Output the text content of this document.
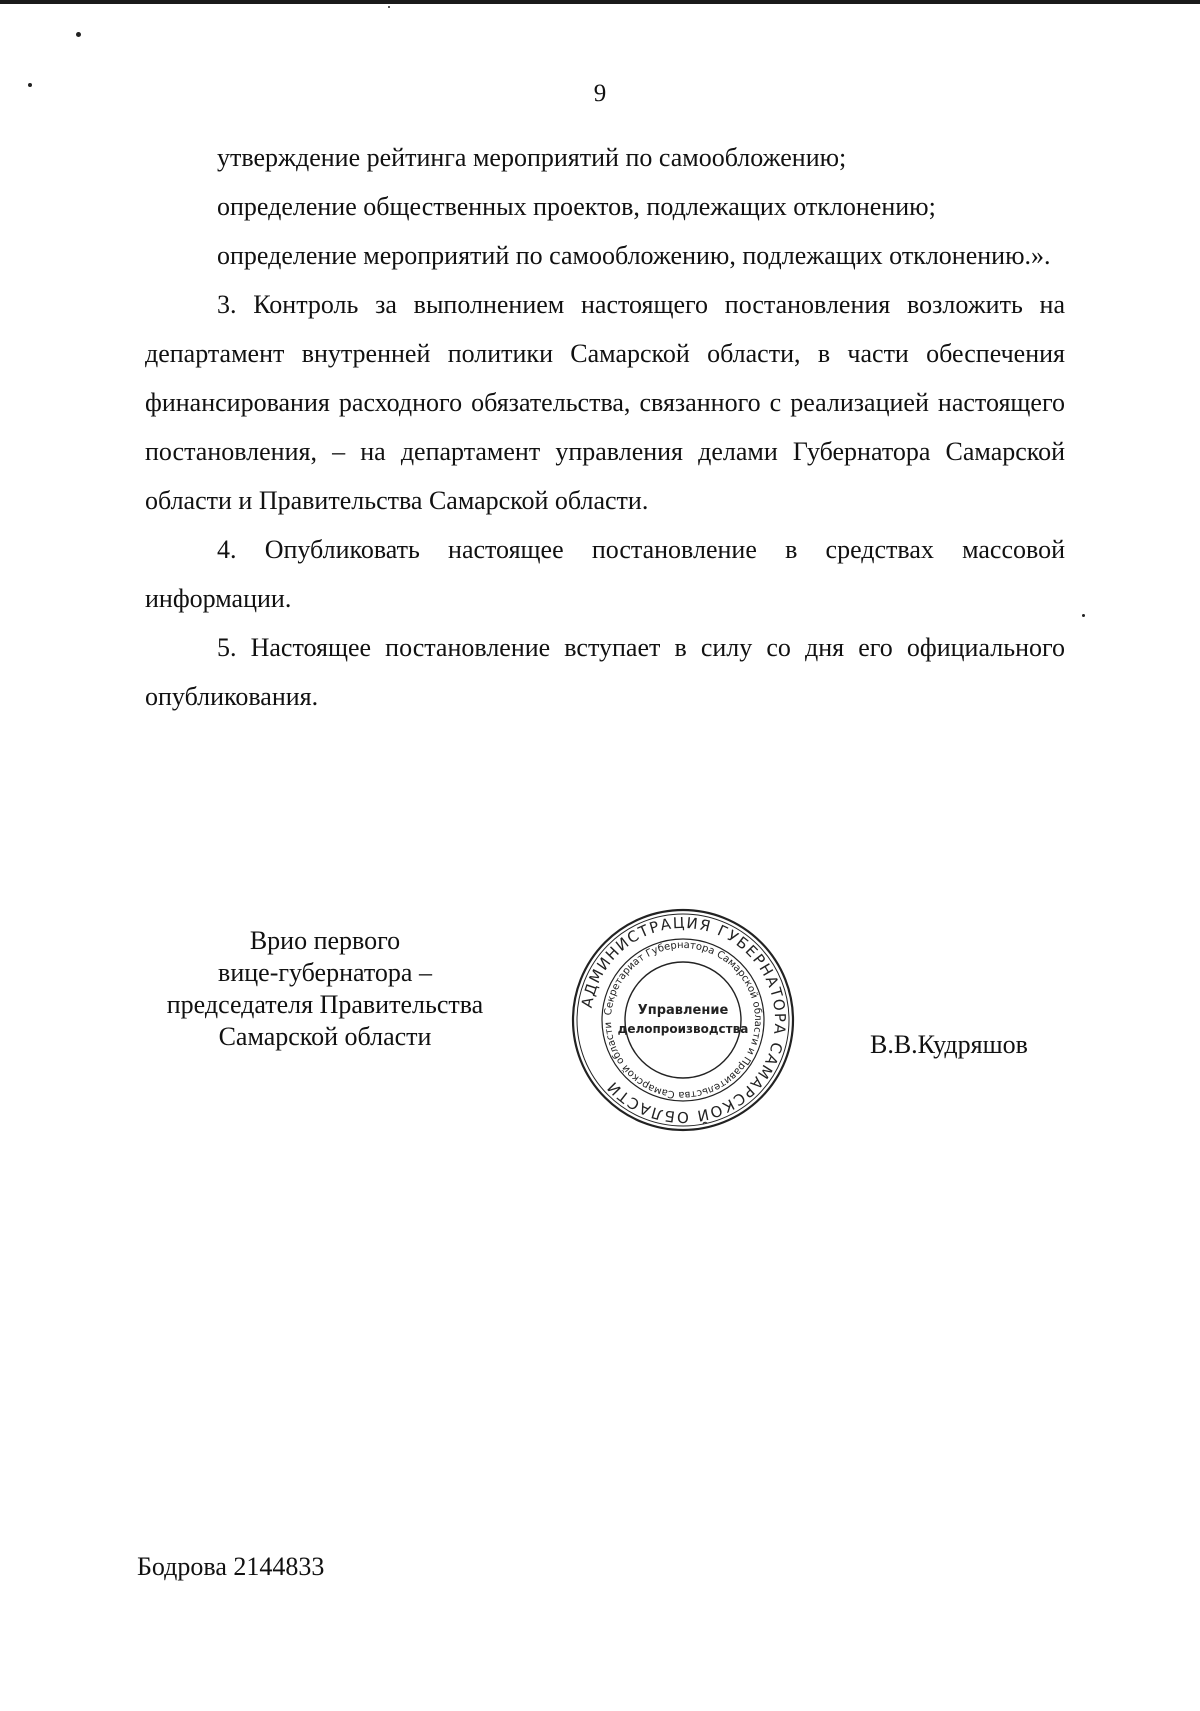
9

утверждение рейтинга мероприятий по самообложению;

определение общественных проектов, подлежащих отклонению;

определение мероприятий по самообложению, подлежащих отклонению.».

3. Контроль за выполнением настоящего постановления возложить на департамент внутренней политики Самарской области, в части обеспечения финансирования расходного обязательства, связанного с реализацией настоящего постановления, – на департамент управления делами Губернатора Самарской области и Правительства Самарской области.

4. Опубликовать настоящее постановление в средствах массовой информации.

5. Настоящее постановление вступает в силу со дня его официального опубликования.

Врио первого
вице-губернатора –
председателя Правительства
Самарской области
АДМИНИСТРАЦИЯ ГУБЕРНАТОРА САМАРСКОЙ ОБЛАСТИ
Секретариат Губернатора Самарской области и Правительства Самарской области
Управление
делопроизводства
В.В.Кудряшов
Бодрова 2144833
